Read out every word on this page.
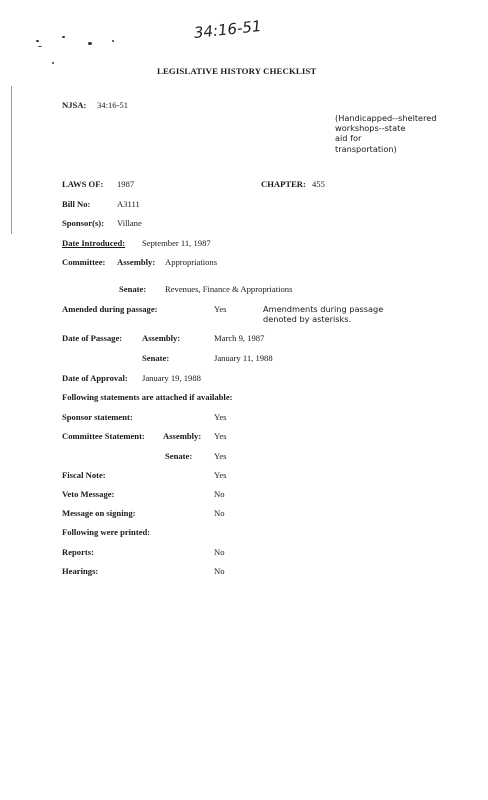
34:16-51
LEGISLATIVE HISTORY CHECKLIST
NJSA: 34:16-51
(Handicapped--sheltered
workshops--state
aid for
transportation)
LAWS OF: 1987	CHAPTER: 455
Bill No:	A3111
Sponsor(s): Villane
Date Introduced: September 11, 1987
Committee: Assembly: Appropriations
Senate: Revenues, Finance & Appropriations
Amended during passage:	Yes	Amendments during passage
denoted by asterisks.
Date of Passage: Assembly:	March 9, 1987
Senate:	January 11, 1988
Date of Approval: January 19, 1988
Following statements are attached if available:
Sponsor statement:	Yes
Committee Statement: Assembly: Yes
Senate:	Yes
Fiscal Note:	Yes
Veto Message:	No
Message on signing:	No
Following were printed:
Reports:	No
Hearings:	No
